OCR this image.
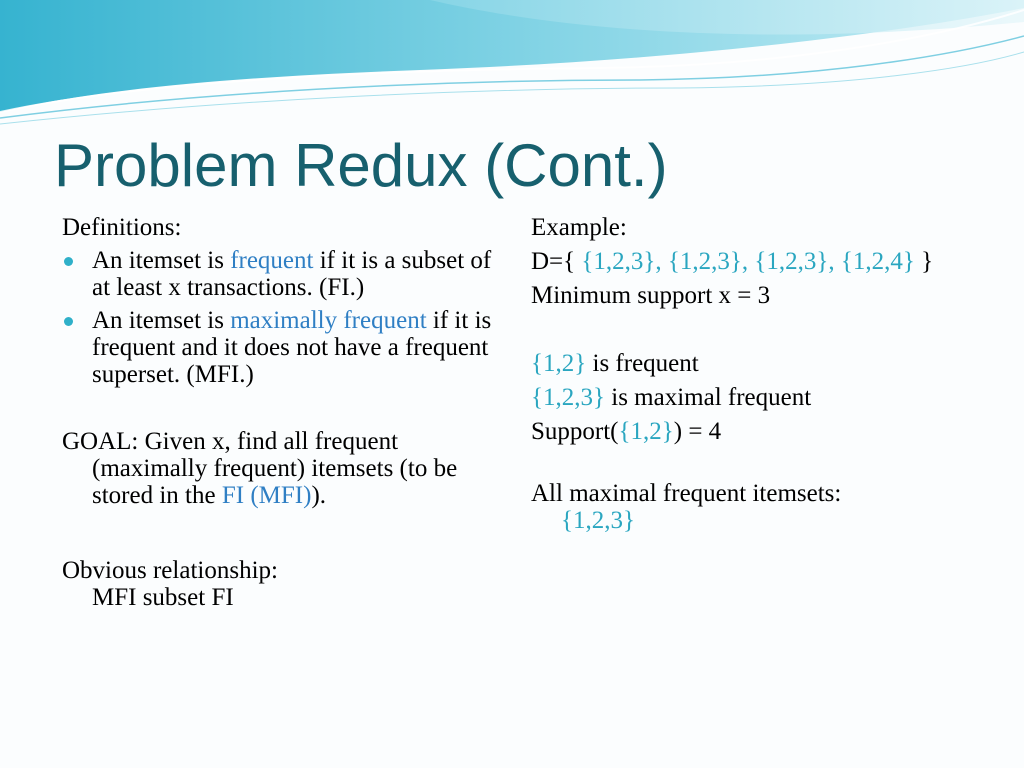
Problem Redux (Cont.)

Definitions:

An itemset is frequent if it is a subset of at least x transactions. (FI.)
An itemset is maximally frequent if it is frequent and it does not have a frequent superset. (MFI.)

GOAL: Given x, find all frequent (maximally frequent) itemsets (to be stored in the FI (MFI)).

Obvious relationship:

MFI subset FI

Example:

D={ {1,2,3}, {1,2,3}, {1,2,3}, {1,2,4} }

Minimum support x = 3

{1,2} is frequent

{1,2,3} is maximal frequent

Support({1,2}) = 4

All maximal frequent itemsets:

{1,2,3}
